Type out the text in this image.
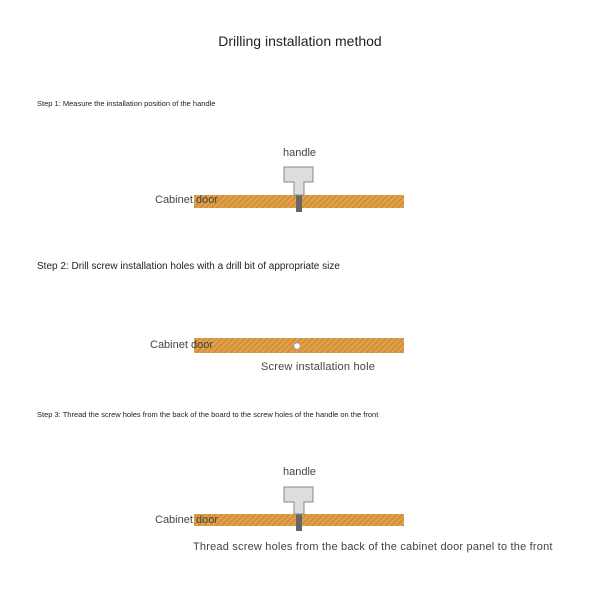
Drilling installation method
Step 1: Measure the installation position of the handle
handle
Cabinet door
Step 2: Drill screw installation holes with a drill bit of appropriate size
Cabinet door
Screw installation hole
Step 3: Thread the screw holes from the back of the board to the screw holes of the handle on the front
handle
Cabinet door
Thread screw holes from the back of the cabinet door panel to the front
